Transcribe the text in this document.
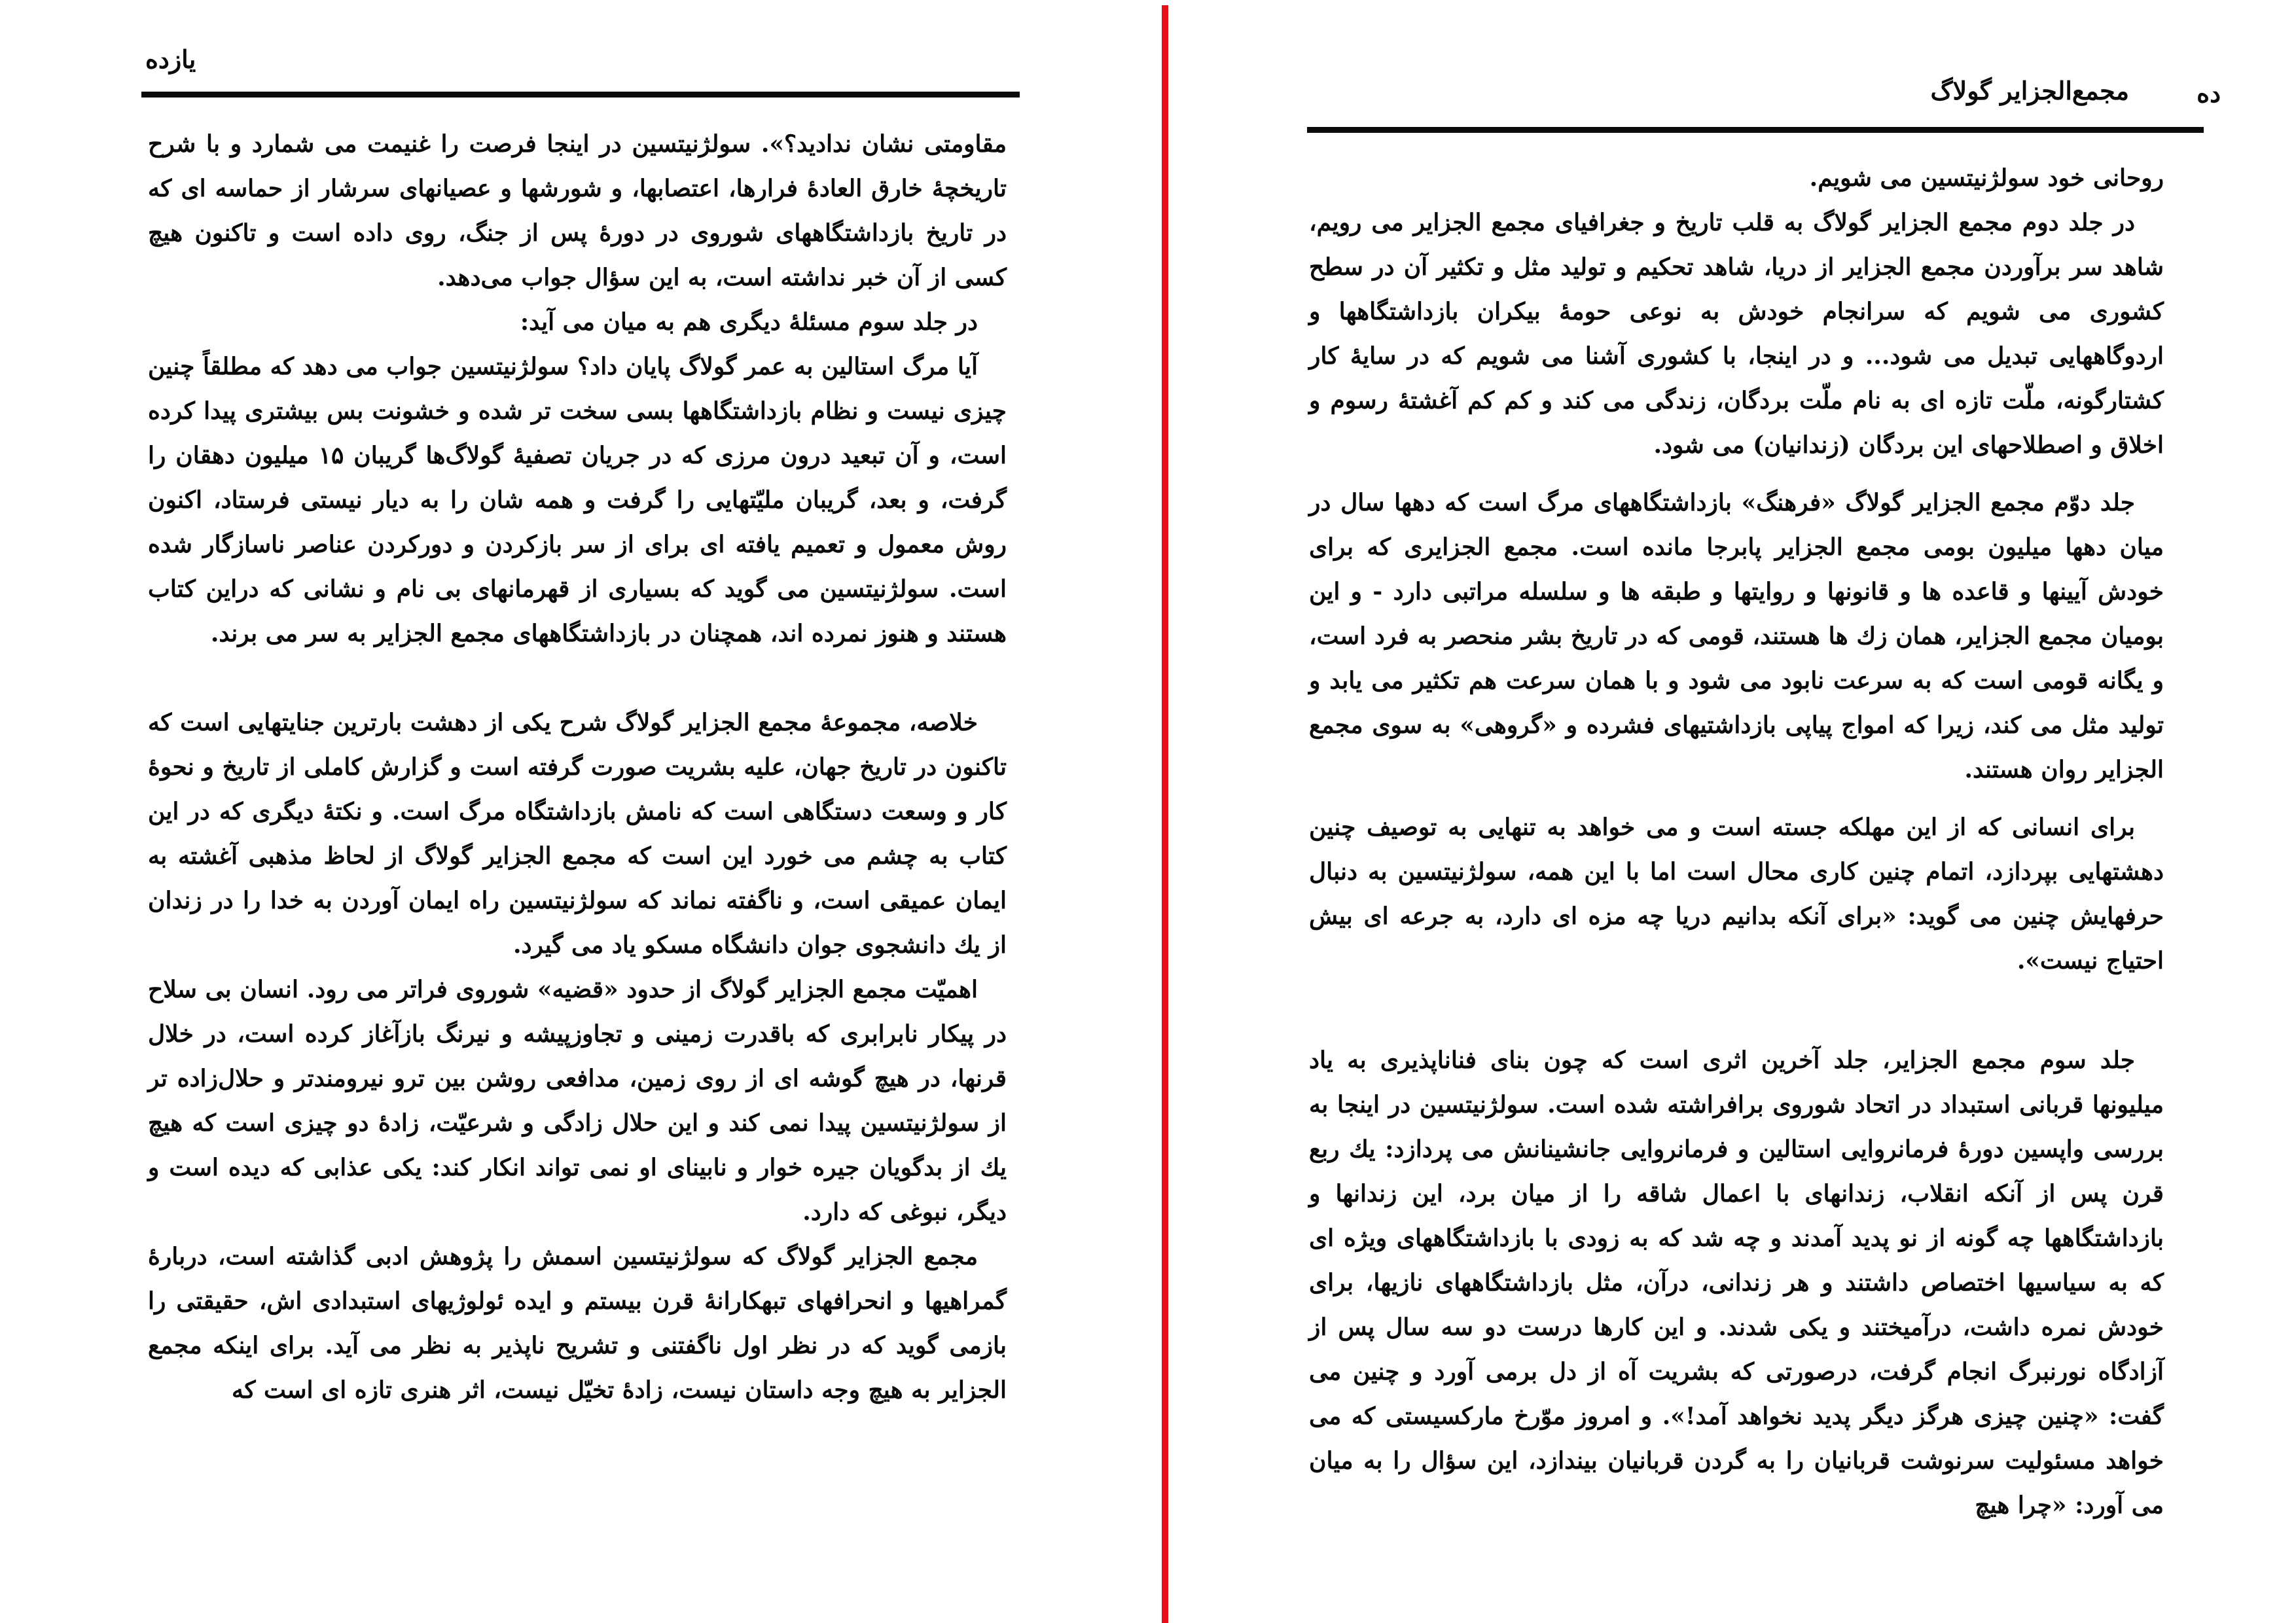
یازده

مقاومتی نشان ندادید؟». سولژنیتسین در اینجا فرصت را غنیمت می شمارد و با شرح تاریخچهٔ خارق العادهٔ فرارها، اعتصابها، و شورشها و عصیانهای سرشار از حماسه ای که در تاریخ بازداشتگاههای شوروی در دورهٔ پس از جنگ، روی داده است و تاکنون هیچ کسی از آن خبر نداشته است، به این سؤال جواب می‌دهد.

در جلد سوم مسئلهٔ دیگری هم به میان می آید:

آیا مرگ استالین به عمر گولاگ پایان داد؟ سولژنیتسین جواب می دهد که مطلقاً چنین چیزی نیست و نظام بازداشتگاهها بسی سخت تر شده و خشونت بس بیشتری پیدا کرده است، و آن تبعید درون مرزی که در جریان تصفیهٔ گولاگ‌ها گریبان ۱۵ میلیون دهقان را گرفت، و بعد، گریبان ملیّتهایی را گرفت و همه شان را به دیار نیستی فرستاد، اکنون روش معمول و تعمیم یافته ای برای از سر بازکردن و دورکردن عناصر ناسازگار شده است. سولژنیتسین می گوید که بسیاری از قهرمانهای بی نام و نشانی که دراین کتاب هستند و هنوز نمرده اند، همچنان در بازداشتگاههای مجمع الجزایر به سر می برند.

خلاصه، مجموعهٔ مجمع الجزایر گولاگ شرح یکی از دهشت بارترین جنایتهایی است که تاکنون در تاریخ جهان، علیه بشریت صورت گرفته است و گزارش کاملی از تاریخ و نحوهٔ کار و وسعت دستگاهی است که نامش بازداشتگاه مرگ است. و نکتهٔ دیگری که در این کتاب به چشم می خورد این است که مجمع الجزایر گولاگ از لحاظ مذهبی آغشته به ایمان عمیقی است، و ناگفته نماند که سولژنیتسین راه ایمان آوردن به خدا را در زندان از یك دانشجوی جوان دانشگاه مسکو یاد می گیرد.

اهمیّت مجمع الجزایر گولاگ از حدود «قضیه» شوروی فراتر می رود. انسان بی سلاح در پیکار نابرابری که باقدرت زمینی و تجاوزپیشه و نیرنگ بازآغاز کرده است، در خلال قرنها، در هیچ گوشه ای از روی زمین، مدافعی روشن بین ترو نیرومندتر و حلال‌زاده تر از سولژنیتسین پیدا نمی کند و این حلال زادگی و شرعیّت، زادهٔ دو چیزی است که هیچ یك از بدگویان جیره خوار و نابینای او نمی تواند انکار کند: یکی عذابی که دیده است و دیگر، نبوغی که دارد.

مجمع الجزایر گولاگ که سولژنیتسین اسمش را پژوهش ادبی گذاشته است، دربارهٔ گمراهیها و انحرافهای تبهکارانهٔ قرن بیستم و ایده ئولوژیهای استبدادی اش، حقیقتی را بازمی گوید که در نظر اول ناگفتنی و تشریح ناپذیر به نظر می آید. برای اینکه مجمع الجزایر به هیچ وجه داستان نیست، زادهٔ تخیّل نیست، اثر هنری تازه ای است که

ده
مجمع‌الجزایر گولاگ

روحانی خود سولژنیتسین می شویم.

در جلد دوم مجمع الجزایر گولاگ به قلب تاریخ و جغرافیای مجمع الجزایر می رویم، شاهد سر برآوردن مجمع الجزایر از دریا، شاهد تحکیم و تولید مثل و تکثیر آن در سطح کشوری می شویم که سرانجام خودش به نوعی حومهٔ بیکران بازداشتگاهها و اردوگاههایی تبدیل می شود... و در اینجا، با کشوری آشنا می شویم که در سایهٔ کار کشتارگونه، ملّت تازه ای به نام ملّت بردگان، زندگی می کند و کم کم آغشتهٔ رسوم و اخلاق و اصطلاحهای این بردگان (زندانیان) می شود.

جلد دوّم مجمع الجزایر گولاگ «فرهنگ» بازداشتگاههای مرگ است که دهها سال در میان دهها میلیون بومی مجمع الجزایر پابرجا مانده است. مجمع الجزایری که برای خودش آیینها و قاعده ها و قانونها و روایتها و طبقه ها و سلسله مراتبی دارد - و این بومیان مجمع الجزایر، همان زك ها هستند، قومی که در تاریخ بشر منحصر به فرد است، و یگانه قومی است که به سرعت نابود می شود و با همان سرعت هم تکثیر می یابد و تولید مثل می کند، زیرا که امواج پیاپی بازداشتیهای فشرده و «گروهی» به سوی مجمع الجزایر روان هستند.

برای انسانی که از این مهلکه جسته است و می خواهد به تنهایی به توصیف چنین دهشتهایی بپردازد، اتمام چنین کاری محال است اما با این همه، سولژنیتسین به دنبال حرفهایش چنین می گوید: «برای آنکه بدانیم دریا چه مزه ای دارد، به جرعه ای بیش احتیاج نیست».

جلد سوم مجمع الجزایر، جلد آخرین اثری است که چون بنای فناناپذیری به یاد میلیونها قربانی استبداد در اتحاد شوروی برافراشته شده است. سولژنیتسین در اینجا به بررسی واپسین دورهٔ فرمانروایی استالین و فرمانروایی جانشینانش می پردازد: یك ربع قرن پس از آنکه انقلاب، زندانهای با اعمال شاقه را از میان برد، این زندانها و بازداشتگاهها چه گونه از نو پدید آمدند و چه شد که به زودی با بازداشتگاههای ویژه ای که به سیاسیها اختصاص داشتند و هر زندانی، درآن، مثل بازداشتگاههای نازیها، برای خودش نمره داشت، درآمیختند و یکی شدند. و این کارها درست دو سه سال پس از آزادگاه نورنبرگ انجام گرفت، درصورتی که بشریت آه از دل برمی آورد و چنین می گفت: «چنین چیزی هرگز دیگر پدید نخواهد آمد!». و امروز موّرخ مارکسیستی که می خواهد مسئولیت سرنوشت قربانیان را به گردن قربانیان بیندازد، این سؤال را به میان می آورد: «چرا هیچ
